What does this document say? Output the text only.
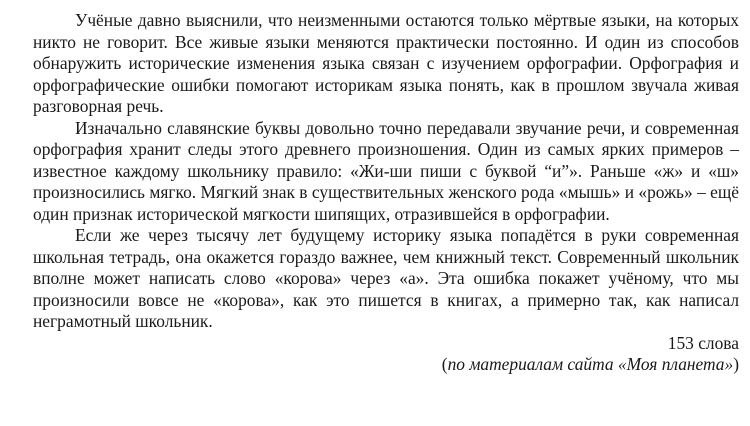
Учёные давно выяснили, что неизменными остаются только мёртвые языки, на которых никто не говорит. Все живые языки меняются практически постоянно. И один из способов обнаружить исторические изменения языка связан с изучением орфографии. Орфография и орфографические ошибки помогают историкам языка понять, как в прошлом звучала живая разговорная речь.

Изначально славянские буквы довольно точно передавали звучание речи, и современная орфография хранит следы этого древнего произношения. Один из самых ярких примеров – известное каждому школьнику правило: «Жи-ши пиши с буквой “и”». Раньше «ж» и «ш» произносились мягко. Мягкий знак в существительных женского рода «мышь» и «рожь» – ещё один признак исторической мягкости шипящих, отразившейся в орфографии.

Если же через тысячу лет будущему историку языка попадётся в руки современная школьная тетрадь, она окажется гораздо важнее, чем книжный текст. Современный школьник вполне может написать слово «корова» через «а». Эта ошибка покажет учёному, что мы произносили вовсе не «корова», как это пишется в книгах, а примерно так, как написал неграмотный школьник.

153 слова

(по материалам сайта «Моя планета»)
